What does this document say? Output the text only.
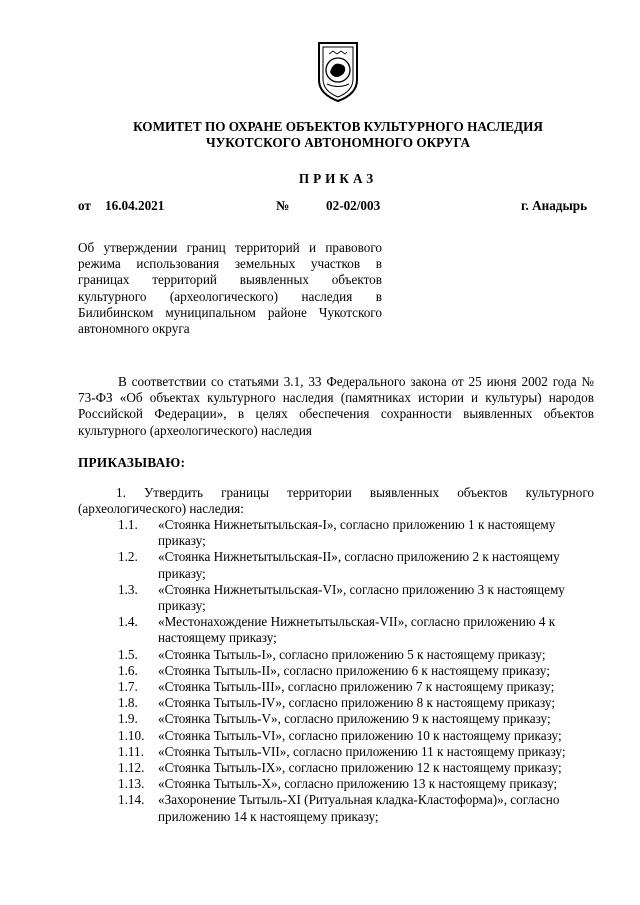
КОМИТЕТ ПО ОХРАНЕ ОБЪЕКТОВ КУЛЬТУРНОГО НАСЛЕДИЯ
ЧУКОТСКОГО АВТОНОМНОГО ОКРУГА
ПРИКАЗ
от 16.04.2021	№	02-02/003	г. Анадырь
Об утверждении границ территорий и правового режима использования земельных участков в границах территорий выявленных объектов культурного (археологического) наследия в Билибинском муниципальном районе Чукотского автономного округа
В соответствии со статьями 3.1, 33 Федерального закона от 25 июня 2002 года № 73-ФЗ «Об объектах культурного наследия (памятниках истории и культуры) народов Российской Федерации», в целях обеспечения сохранности выявленных объектов культурного (археологического) наследия
ПРИКАЗЫВАЮ:
1. Утвердить границы территории выявленных объектов культурного (археологического) наследия:
1.1.	«Стоянка Нижнетытыльская-I», согласно приложению 1 к настоящему приказу;
1.2.	«Стоянка Нижнетытыльская-II», согласно приложению 2 к настоящему приказу;
1.3.	«Стоянка Нижнетытыльская-VI», согласно приложению 3 к настоящему приказу;
1.4.	«Местонахождение Нижнетытыльская-VII», согласно приложению 4 к настоящему приказу;
1.5.	«Стоянка Тытыль-I», согласно приложению 5 к настоящему приказу;
1.6.	«Стоянка Тытыль-II», согласно приложению 6 к настоящему приказу;
1.7.	«Стоянка Тытыль-III», согласно приложению 7 к настоящему приказу;
1.8.	«Стоянка Тытыль-IV», согласно приложению 8 к настоящему приказу;
1.9.	«Стоянка Тытыль-V», согласно приложению 9 к настоящему приказу;
1.10.	«Стоянка Тытыль-VI», согласно приложению 10 к настоящему приказу;
1.11.	«Стоянка Тытыль-VII», согласно приложению 11 к настоящему приказу;
1.12.	«Стоянка Тытыль-IX», согласно приложению 12 к настоящему приказу;
1.13.	«Стоянка Тытыль-X», согласно приложению 13 к настоящему приказу;
1.14.	«Захоронение Тытыль-XI (Ритуальная кладка-Кластоформа)», согласно приложению 14 к настоящему приказу;
